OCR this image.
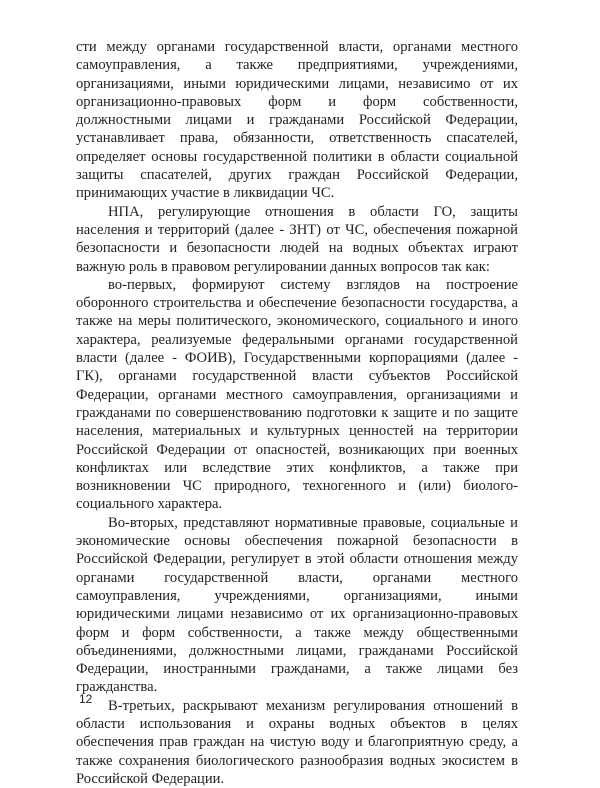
сти между органами государственной власти, органами местного самоуправления, а также предприятиями, учреждениями, организациями, иными юридическими лицами, независимо от их организационно-правовых форм и форм собственности, должностными лицами и гражданами Российской Федерации, устанавливает права, обязанности, ответственность спасателей, определяет основы государственной политики в области социальной защиты спасателей, других граждан Российской Федерации, принимающих участие в ликвидации ЧС.

НПА, регулирующие отношения в области ГО, защиты населения и территорий (далее - ЗНТ) от ЧС, обеспечения пожарной безопасности и безопасности людей на водных объектах играют важную роль в правовом регулировании данных вопросов так как:

во-первых, формируют систему взглядов на построение оборонного строительства и обеспечение безопасности государства, а также на меры политического, экономического, социального и иного характера, реализуемые федеральными органами государственной власти (далее - ФОИВ), Государственными корпорациями (далее - ГК), органами государственной власти субъектов Российской Федерации, органами местного самоуправления, организациями и гражданами по совершенствованию подготовки к защите и по защите населения, материальных и культурных ценностей на территории Российской Федерации от опасностей, возникающих при военных конфликтах или вследствие этих конфликтов, а также при возникновении ЧС природного, техногенного и (или) биолого-социального характера.

Во-вторых, представляют нормативные правовые, социальные и экономические основы обеспечения пожарной безопасности в Российской Федерации, регулирует в этой области отношения между органами государственной власти, органами местного самоуправления, учреждениями, организациями, иными юридическими лицами независимо от их организационно-правовых форм и форм собственности, а также между общественными объединениями, должностными лицами, гражданами Российской Федерации, иностранными гражданами, а также лицами без гражданства.

В-третьих, раскрывают механизм регулирования отношений в области использования и охраны водных объектов в целях обеспечения прав граждан на чистую воду и благоприятную среду, а также сохранения биологического разнообразия водных экосистем в Российской Федерации.

12
